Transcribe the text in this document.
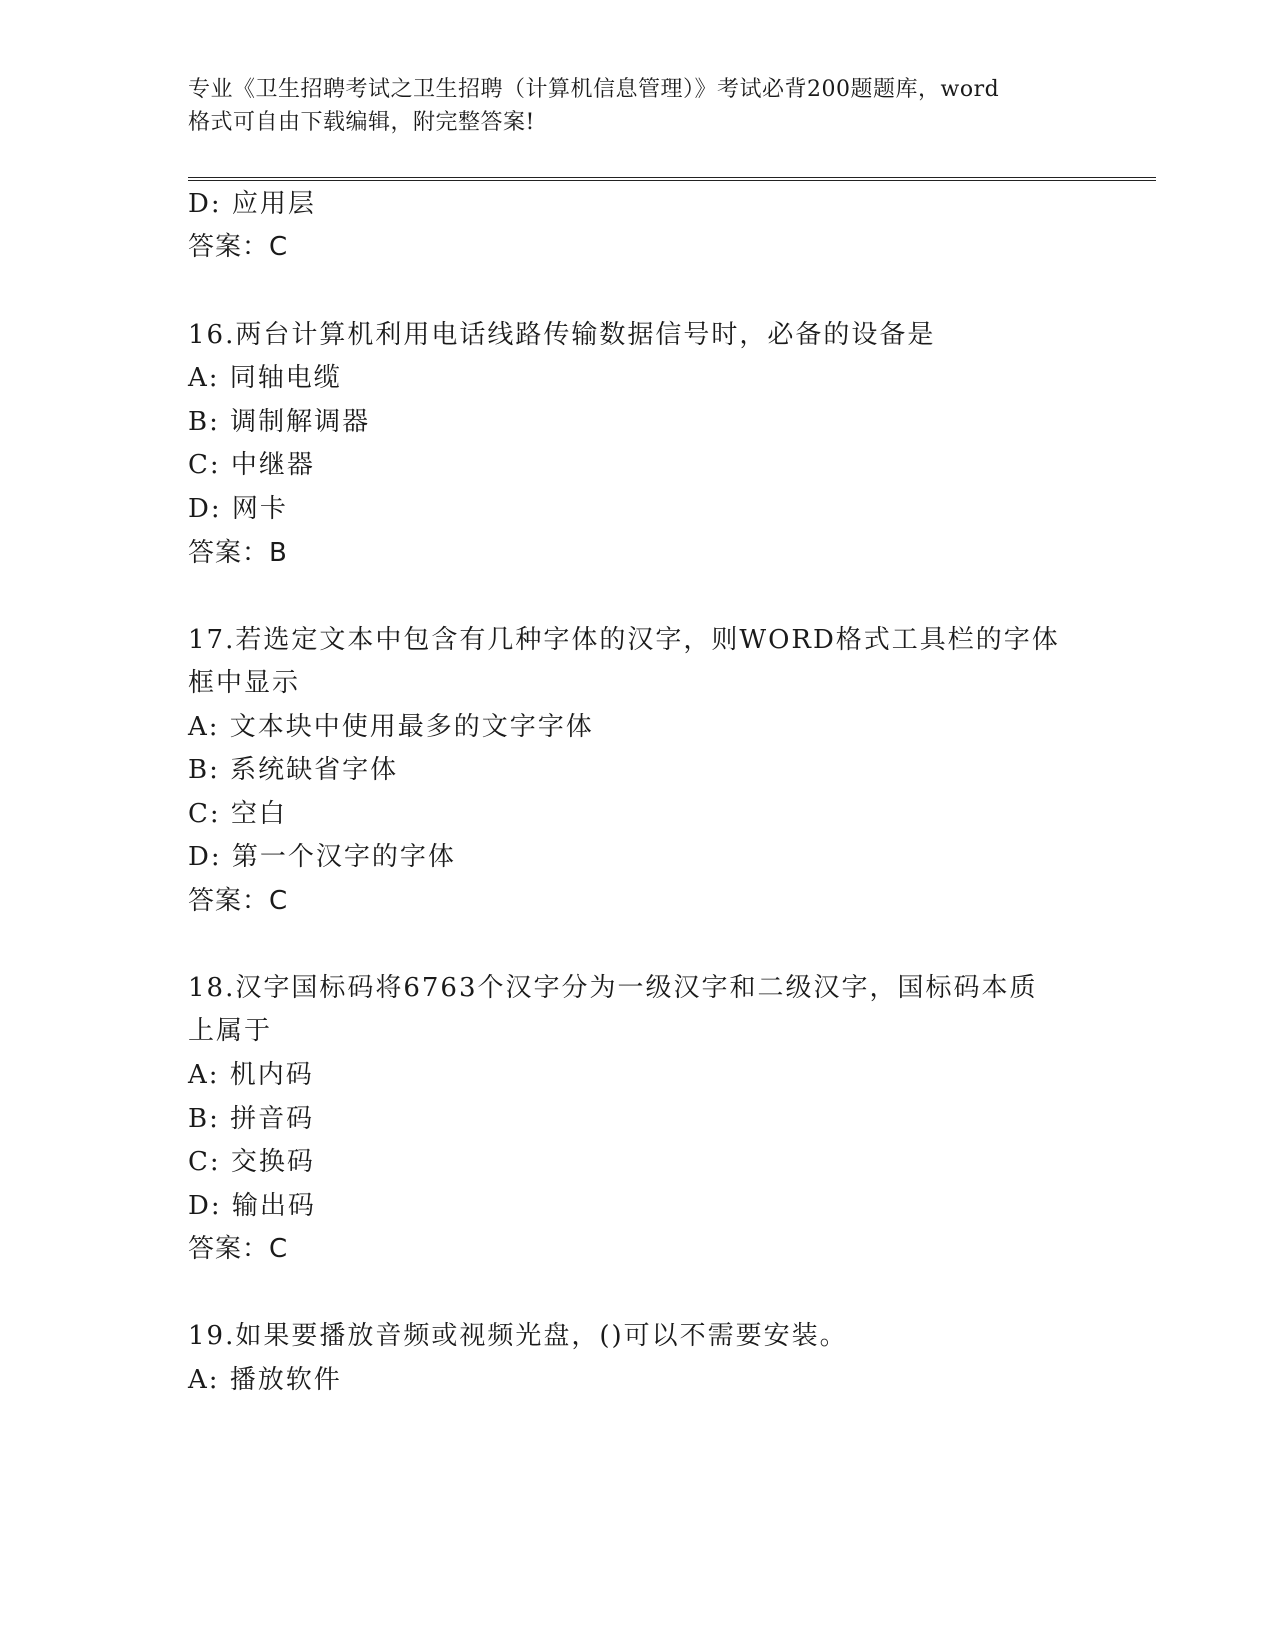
专业《卫生招聘考试之卫生招聘（计算机信息管理）》考试必背200题题库，word
格式可自由下载编辑，附完整答案!
D: 应用层
答案：C
16.两台计算机利用电话线路传输数据信号时，必备的设备是
A: 同轴电缆
B: 调制解调器
C: 中继器
D: 网卡
答案：B
17.若选定文本中包含有几种字体的汉字，则WORD格式工具栏的字体
框中显示
A: 文本块中使用最多的文字字体
B: 系统缺省字体
C: 空白
D: 第一个汉字的字体
答案：C
18.汉字国标码将6763个汉字分为一级汉字和二级汉字，国标码本质
上属于
A: 机内码
B: 拼音码
C: 交换码
D: 输出码
答案：C
19.如果要播放音频或视频光盘，()可以不需要安装。
A: 播放软件
